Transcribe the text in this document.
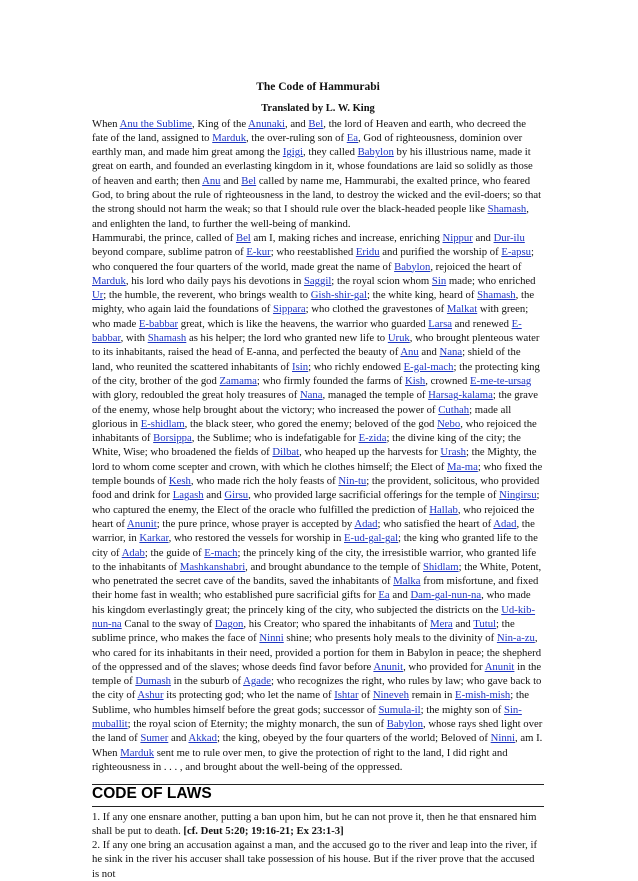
The Code of Hammurabi
Translated by L. W. King

When Anu the Sublime, King of the Anunaki, and Bel, the lord of Heaven and earth, who decreed the fate of the land, assigned to Marduk, the over-ruling son of Ea, God of righteousness, dominion over earthly man, and made him great among the Igigi, they called Babylon by his illustrious name, made it great on earth, and founded an everlasting kingdom in it, whose foundations are laid so solidly as those of heaven and earth; then Anu and Bel called by name me, Hammurabi, the exalted prince, who feared God, to bring about the rule of righteousness in the land, to destroy the wicked and the evil-doers; so that the strong should not harm the weak; so that I should rule over the black-headed people like Shamash, and enlighten the land, to further the well-being of mankind.

Hammurabi, the prince, called of Bel am I, making riches and increase, enriching Nippur and Dur-ilu beyond compare, sublime patron of E-kur; who reestablished Eridu and purified the worship of E-apsu; who conquered the four quarters of the world, made great the name of Babylon, rejoiced the heart of Marduk, his lord who daily pays his devotions in Saggil; the royal scion whom Sin made; who enriched Ur; the humble, the reverent, who brings wealth to Gish-shir-gal; the white king, heard of Shamash, the mighty, who again laid the foundations of Sippara; who clothed the gravestones of Malkat with green; who made E-babbar great, which is like the heavens, the warrior who guarded Larsa and renewed E-babbar, with Shamash as his helper; the lord who granted new life to Uruk, who brought plenteous water to its inhabitants, raised the head of E-anna, and perfected the beauty of Anu and Nana; shield of the land, who reunited the scattered inhabitants of Isin; who richly endowed E-gal-mach; the protecting king of the city, brother of the god Zamama; who firmly founded the farms of Kish, crowned E-me-te-ursag with glory, redoubled the great holy treasures of Nana, managed the temple of Harsag-kalama; the grave of the enemy, whose help brought about the victory; who increased the power of Cuthah; made all glorious in E-shidlam, the black steer, who gored the enemy; beloved of the god Nebo, who rejoiced the inhabitants of Borsippa, the Sublime; who is indefatigable for E-zida; the divine king of the city; the White, Wise; who broadened the fields of Dilbat, who heaped up the harvests for Urash; the Mighty, the lord to whom come scepter and crown, with which he clothes himself; the Elect of Ma-ma; who fixed the temple bounds of Kesh, who made rich the holy feasts of Nin-tu; the provident, solicitous, who provided food and drink for Lagash and Girsu, who provided large sacrificial offerings for the temple of Ningirsu; who captured the enemy, the Elect of the oracle who fulfilled the prediction of Hallab, who rejoiced the heart of Anunit; the pure prince, whose prayer is accepted by Adad; who satisfied the heart of Adad, the warrior, in Karkar, who restored the vessels for worship in E-ud-gal-gal; the king who granted life to the city of Adab; the guide of E-mach; the princely king of the city, the irresistible warrior, who granted life to the inhabitants of Mashkanshabri, and brought abundance to the temple of Shidlam; the White, Potent, who penetrated the secret cave of the bandits, saved the inhabitants of Malka from misfortune, and fixed their home fast in wealth; who established pure sacrificial gifts for Ea and Dam-gal-nun-na, who made his kingdom everlastingly great; the princely king of the city, who subjected the districts on the Ud-kib-nun-na Canal to the sway of Dagon, his Creator; who spared the inhabitants of Mera and Tutul; the sublime prince, who makes the face of Ninni shine; who presents holy meals to the divinity of Nin-a-zu, who cared for its inhabitants in their need, provided a portion for them in Babylon in peace; the shepherd of the oppressed and of the slaves; whose deeds find favor before Anunit, who provided for Anunit in the temple of Dumash in the suburb of Agade; who recognizes the right, who rules by law; who gave back to the city of Ashur its protecting god; who let the name of Ishtar of Nineveh remain in E-mish-mish; the Sublime, who humbles himself before the great gods; successor of Sumula-il; the mighty son of Sin-muballit; the royal scion of Eternity; the mighty monarch, the sun of Babylon, whose rays shed light over the land of Sumer and Akkad; the king, obeyed by the four quarters of the world; Beloved of Ninni, am I.

When Marduk sent me to rule over men, to give the protection of right to the land, I did right and righteousness in . . . , and brought about the well-being of the oppressed.

CODE OF LAWS

1. If any one ensnare another, putting a ban upon him, but he can not prove it, then he that ensnared him shall be put to death. [cf. Deut 5:20; 19:16-21; Ex 23:1-3]

2. If any one bring an accusation against a man, and the accused go to the river and leap into the river, if he sink in the river his accuser shall take possession of his house. But if the river prove that the accused is not
